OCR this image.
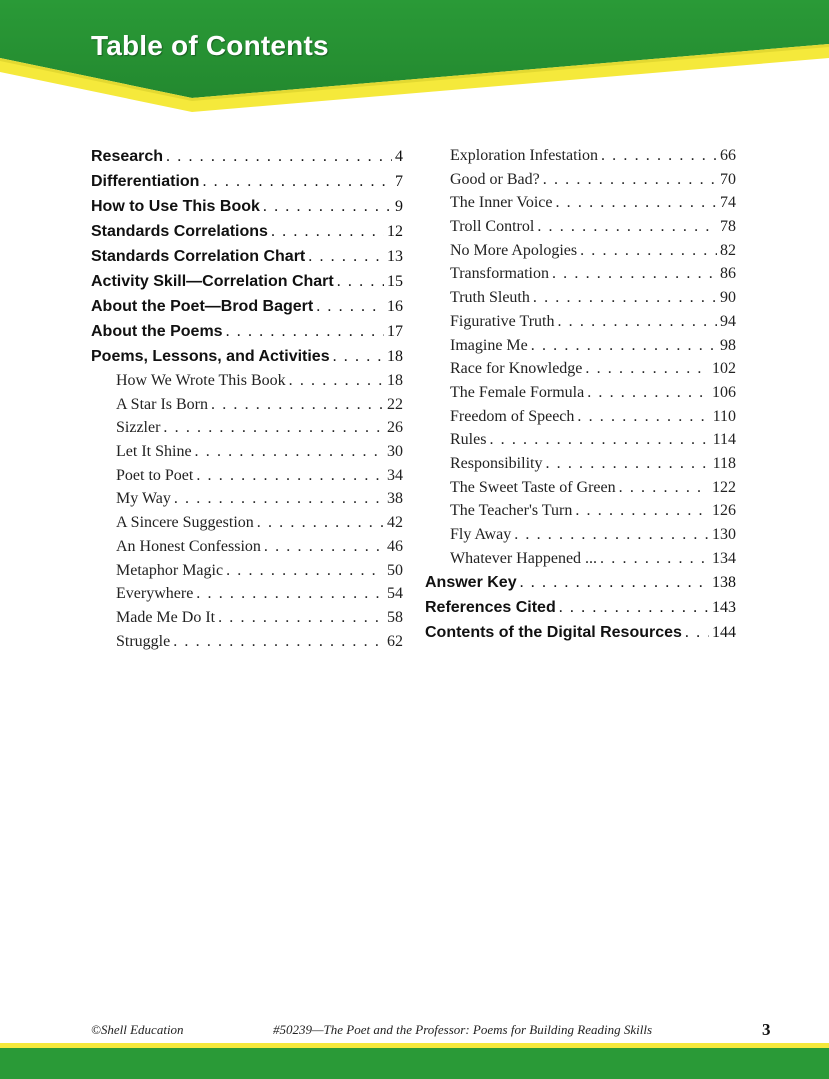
Table of Contents
Research . . .	4
Differentiation . . .	7
How to Use This Book . . .	9
Standards Correlations . . .	12
Standards Correlation Chart . . .	13
Activity Skill—Correlation Chart . . .	15
About the Poet—Brod Bagert . . .	16
About the Poems . . .	17
Poems, Lessons, and Activities . . .	18
How We Wrote This Book . . .	18
A Star Is Born . . .	22
Sizzler . . .	26
Let It Shine . . .	30
Poet to Poet . . .	34
My Way . . .	38
A Sincere Suggestion . . .	42
An Honest Confession . . .	46
Metaphor Magic . . .	50
Everywhere . . .	54
Made Me Do It . . .	58
Struggle . . .	62
Exploration Infestation . . .	66
Good or Bad? . . .	70
The Inner Voice . . .	74
Troll Control . . .	78
No More Apologies . . .	82
Transformation . . .	86
Truth Sleuth . . .	90
Figurative Truth . . .	94
Imagine Me . . .	98
Race for Knowledge . . .	102
The Female Formula . . .	106
Freedom of Speech . . .	110
Rules . . .	114
Responsibility . . .	118
The Sweet Taste of Green . . .	122
The Teacher's Turn . . .	126
Fly Away . . .	130
Whatever Happened ... . . .	134
Answer Key . . .	138
References Cited . . .	143
Contents of the Digital Resources . . . 144
©Shell Education	#50239—The Poet and the Professor: Poems for Building Reading Skills	3
